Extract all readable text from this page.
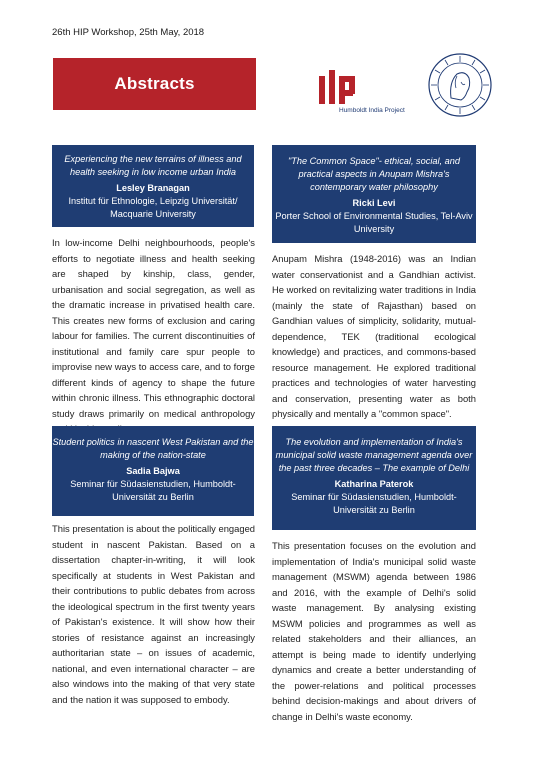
26th HIP Workshop, 25th May, 2018
Abstracts
Humboldt India Project
Experiencing the new terrains of illness and health seeking in low income urban India
Lesley Branagan
Institut für Ethnologie, Leipzig Universität/ Macquarie University
In low-income Delhi neighbourhoods, people's efforts to negotiate illness and health seeking are shaped by kinship, class, gender, urbanisation and social segregation, as well as the dramatic increase in privatised health care. This creates new forms of exclusion and caring labour for families. The current discontinuities of institutional and family care spur people to improvise new ways to access care, and to forge different kinds of agency to shape the future within chronic illness. This ethnographic doctoral study draws primarily on medical anthropology
"The Common Space"- ethical, social, and practical aspects in Anupam Mishra's contemporary water philosophy
Ricki Levi
Porter School of Environmental Studies, Tel-Aviv University
Anupam Mishra (1948-2016) was an Indian water conservationist and a Gandhian activist. He worked on revitalizing water traditions in India (mainly the state of Rajasthan) based on Gandhian values of simplicity, solidarity, mutual-dependence, TEK (traditional ecological knowledge) and practices, and commons-based resource management. He explored traditional practices and technologies of water harvesting and conservation, presenting water as both physically and mentally a "common space".
Student politics in nascent West Pakistan and the making of the nation-state
Sadia Bajwa
Seminar für Südasienstudien, Humboldt-Universität zu Berlin
This presentation is about the politically engaged student in nascent Pakistan. Based on a dissertation chapter-in-writing, it will look specifically at students in West Pakistan and their contributions to public debates from across the ideological spectrum in the first twenty years of Pakistan's existence. It will show how their stories of resistance against an increasingly authoritarian state – on issues of academic, national, and even international character – are also windows into the making of that very state and the nation it was supposed to embody.
The evolution and implementation of India's municipal solid waste management agenda over the past three decades – The example of Delhi
Katharina Paterok
Seminar für Südasienstudien, Humboldt-Universität zu Berlin
This presentation focuses on the evolution and implementation of India's municipal solid waste management (MSWM) agenda between 1986 and 2016, with the example of Delhi's solid waste management. By analysing existing MSWM policies and programmes as well as related stakeholders and their alliances, an attempt is being made to identify underlying dynamics and create a better understanding of the power-relations and political processes behind decision-makings and about drivers of change in Delhi's waste economy.
